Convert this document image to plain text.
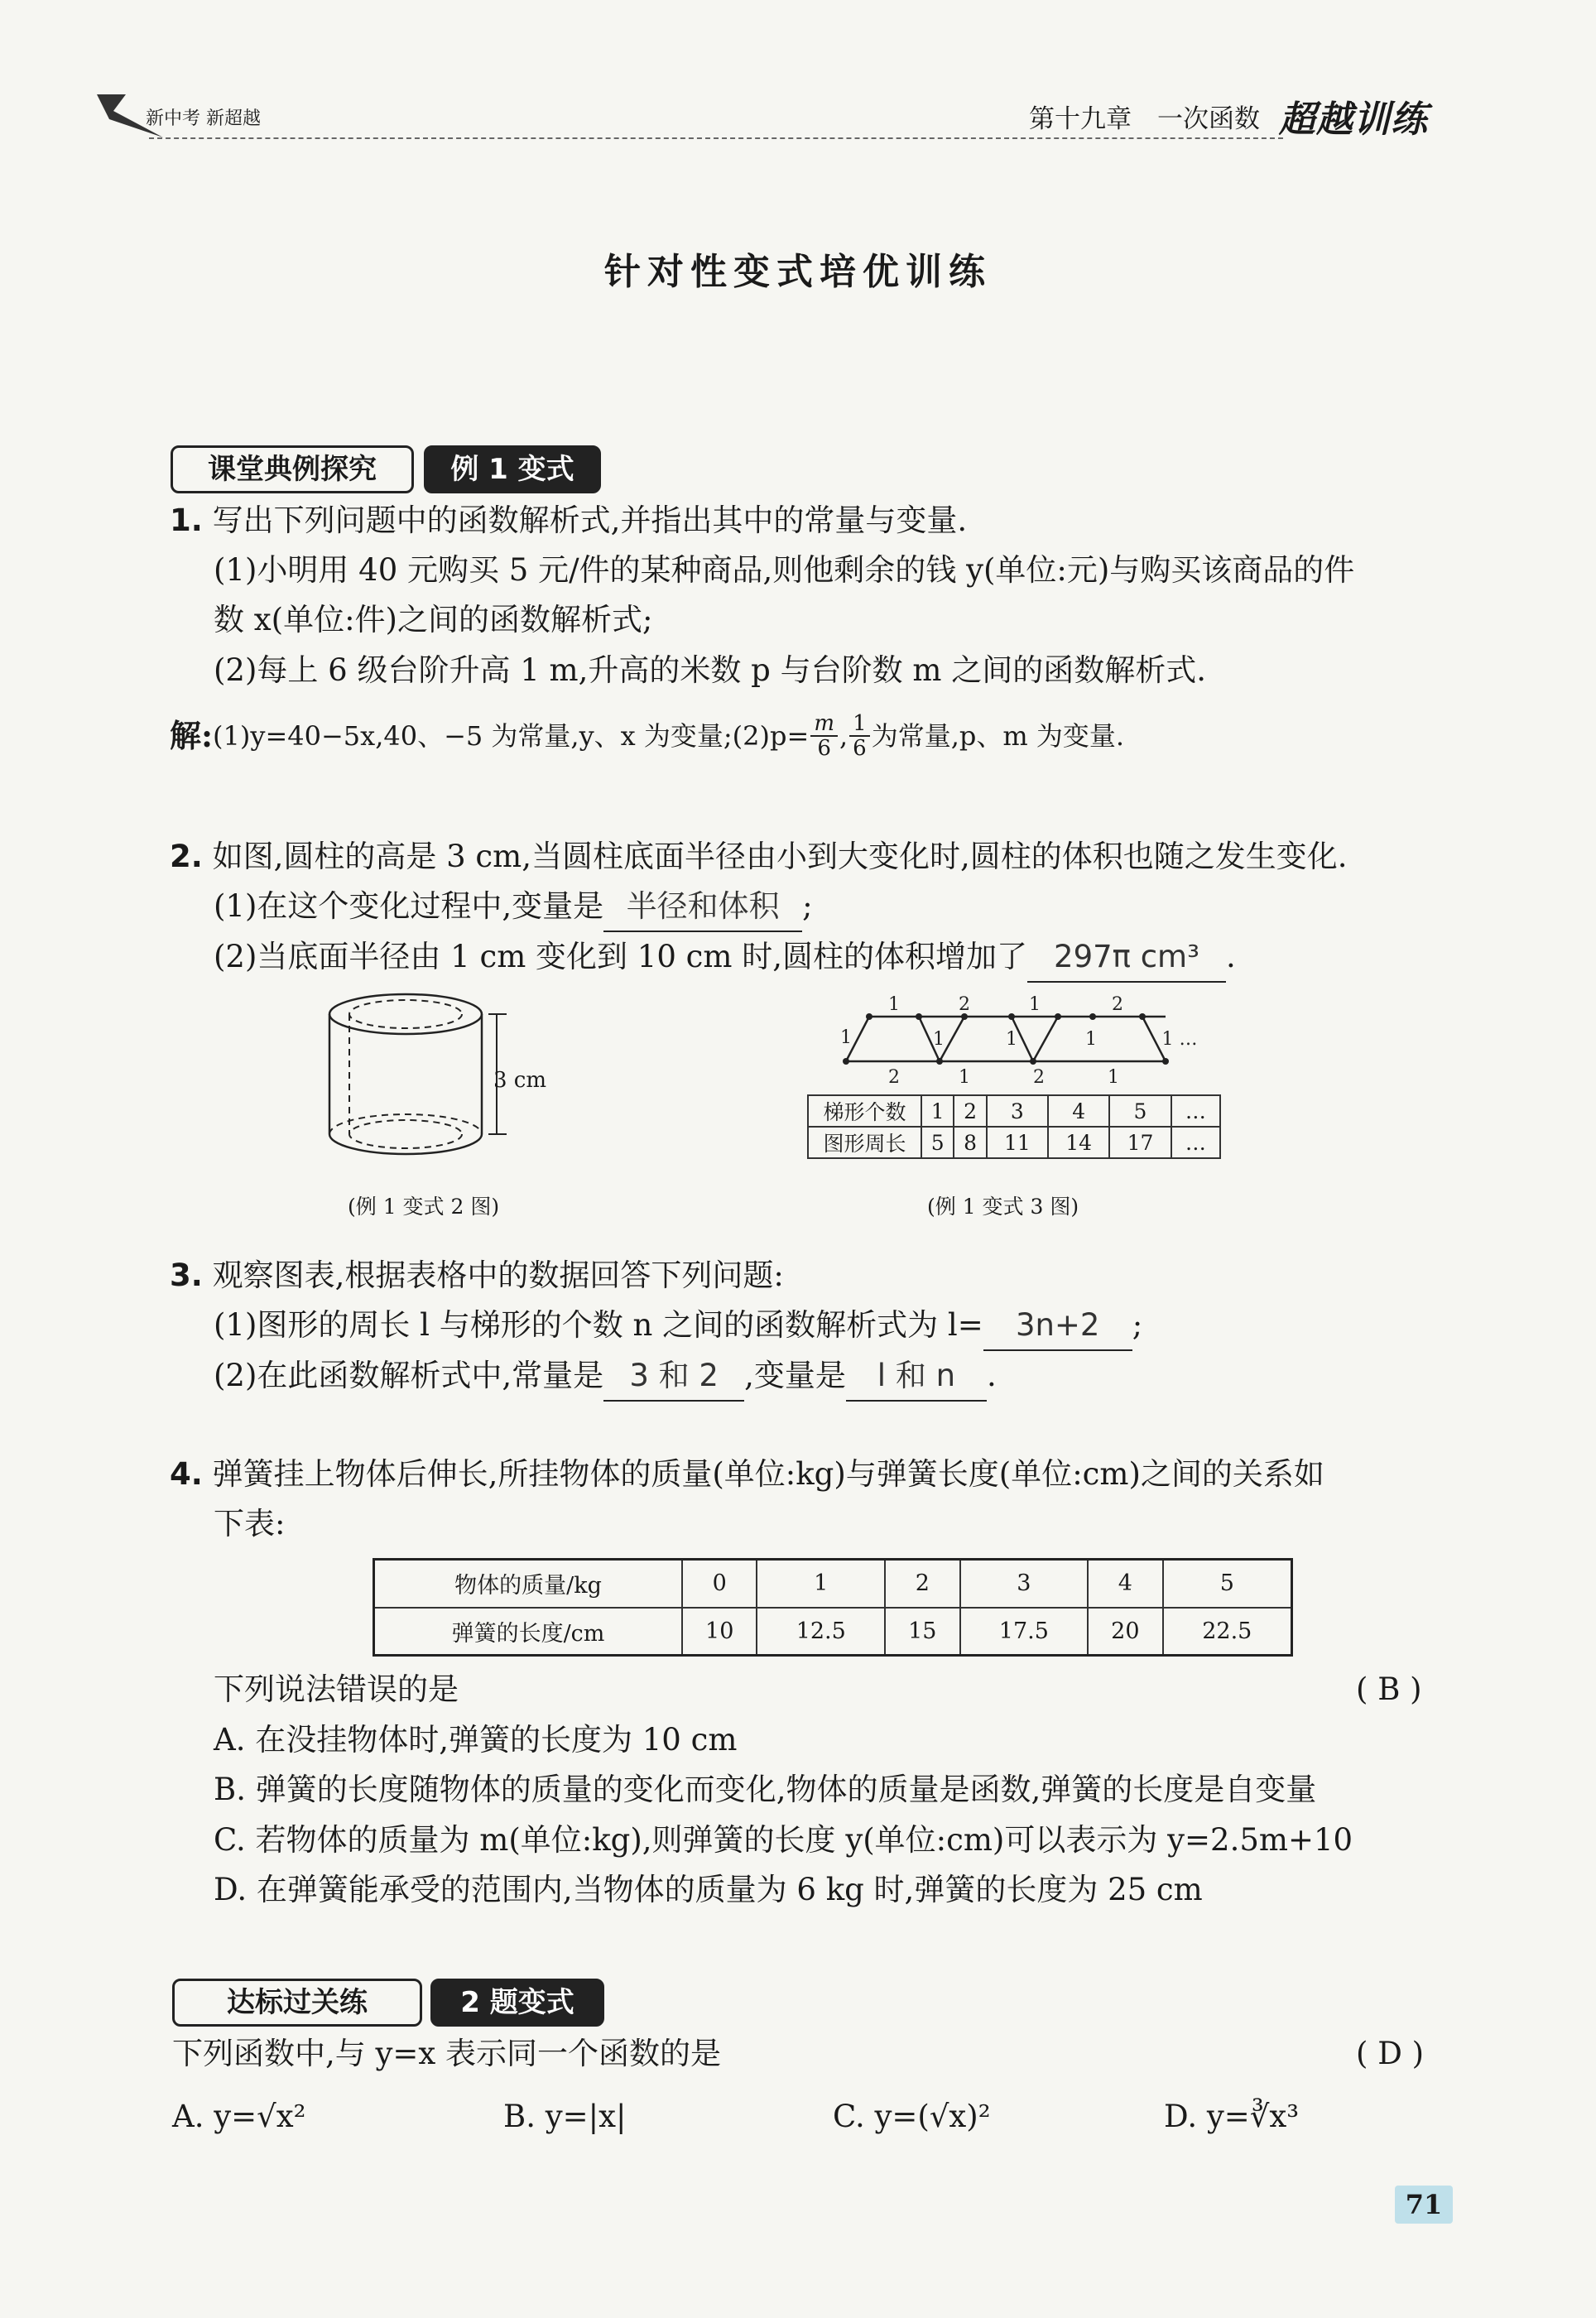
新中考 新超越	第十九章　一次函数 超越训练
针对性变式培优训练
课堂典例探究	例 1 变式
1. 写出下列问题中的函数解析式,并指出其中的常量与变量.
(1)小明用 40 元购买 5 元/件的某种商品,则他剩余的钱 y(单位:元)与购买该商品的件
数 x(单位:件)之间的函数解析式;
(2)每上 6 级台阶升高 1 m,升高的米数 p 与台阶数 m 之间的函数解析式.
解: (1)y=40−5x,40、−5 为常量,y、x 为变量;(2)p= $\frac{m}{6}$ , $\frac{1}{6}$ 为常量,p、m 为变量.
2. 如图,圆柱的高是 3 cm,当圆柱底面半径由小到大变化时,圆柱的体积也随之发生变化.
(1)在这个变化过程中,变量是 半径和体积 ;
(2)当底面半径由 1 cm 变化到 10 cm 时,圆柱的体积增加了 297π cm³ .
3 cm
(例 1 变式 2 图)
1	2	1	2
2	1	2	1
1	1	1	1	1 …
梯形个数	1	2	3	4	5	…
图形周长	5	8	11	14	17	…
(例 1 变式 3 图)
3. 观察图表,根据表格中的数据回答下列问题:
(1)图形的周长 l 与梯形的个数 n 之间的函数解析式为 l= 3n+2 ;
(2)在此函数解析式中,常量是 3 和 2 ,变量是 l 和 n .
4. 弹簧挂上物体后伸长,所挂物体的质量(单位:kg)与弹簧长度(单位:cm)之间的关系如
下表:
物体的质量/kg	0	1	2	3	4	5
弹簧的长度/cm	10	12.5	15	17.5	20	22.5
下列说法错误的是	( B )
A. 在没挂物体时,弹簧的长度为 10 cm
B. 弹簧的长度随物体的质量的变化而变化,物体的质量是函数,弹簧的长度是自变量
C. 若物体的质量为 m(单位:kg),则弹簧的长度 y(单位:cm)可以表示为 y=2.5m+10
D. 在弹簧能承受的范围内,当物体的质量为 6 kg 时,弹簧的长度为 25 cm
达标过关练	2 题变式
下列函数中,与 y=x 表示同一个函数的是	( D )
A. y=√x²	B. y=|x|	C. y=(√x)²	D. y=∛x³
71
